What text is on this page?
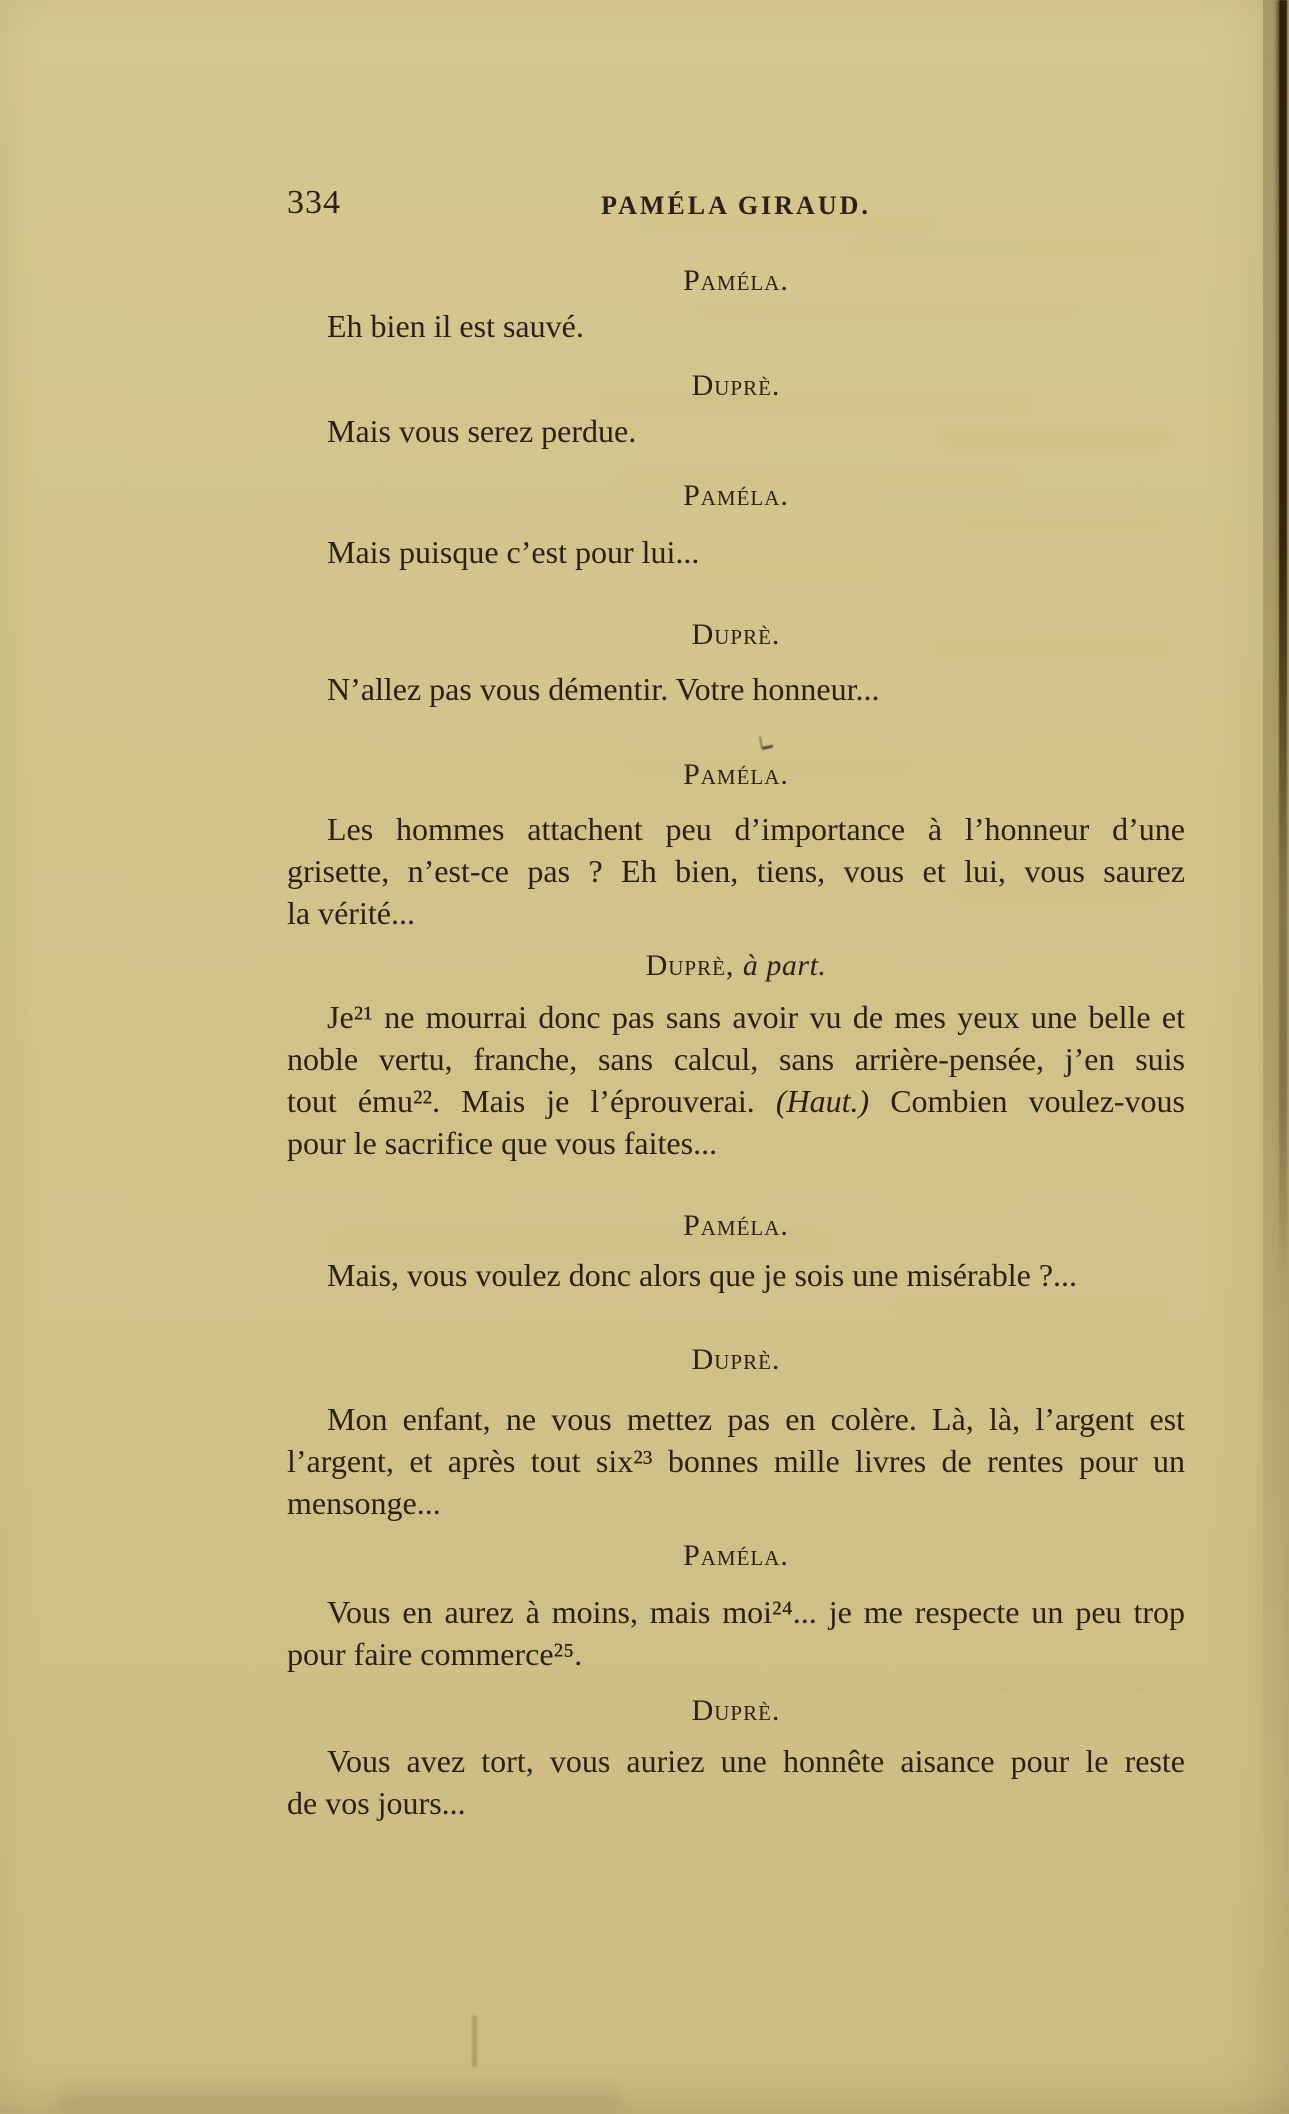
334	PAMÉLA GIRAUD.
Paméla.
Eh bien il est sauvé.
Duprè.
Mais vous serez perdue.
Paméla.
Mais puisque c’est pour lui...
Duprè.
N’allez pas vous démentir. Votre honneur...
Paméla.
Les hommes attachent peu d’importance à l’honneur d’une
grisette, n’est-ce pas ? Eh bien, tiens, vous et lui, vous saurez
la vérité...
Duprè, à part.
Je²¹ ne mourrai donc pas sans avoir vu de mes yeux une belle et
noble vertu, franche, sans calcul, sans arrière-pensée, j’en suis
tout ému²². Mais je l’éprouverai. (Haut.) Combien voulez-vous
pour le sacrifice que vous faites...
Paméla.
Mais, vous voulez donc alors que je sois une misérable ?...
Duprè.
Mon enfant, ne vous mettez pas en colère. Là, là, l’argent est
l’argent, et après tout six²³ bonnes mille livres de rentes pour un
mensonge...
Paméla.
Vous en aurez à moins, mais moi²⁴... je me respecte un peu trop
pour faire commerce²⁵.
Duprè.
Vous avez tort, vous auriez une honnête aisance pour le reste
de vos jours...
